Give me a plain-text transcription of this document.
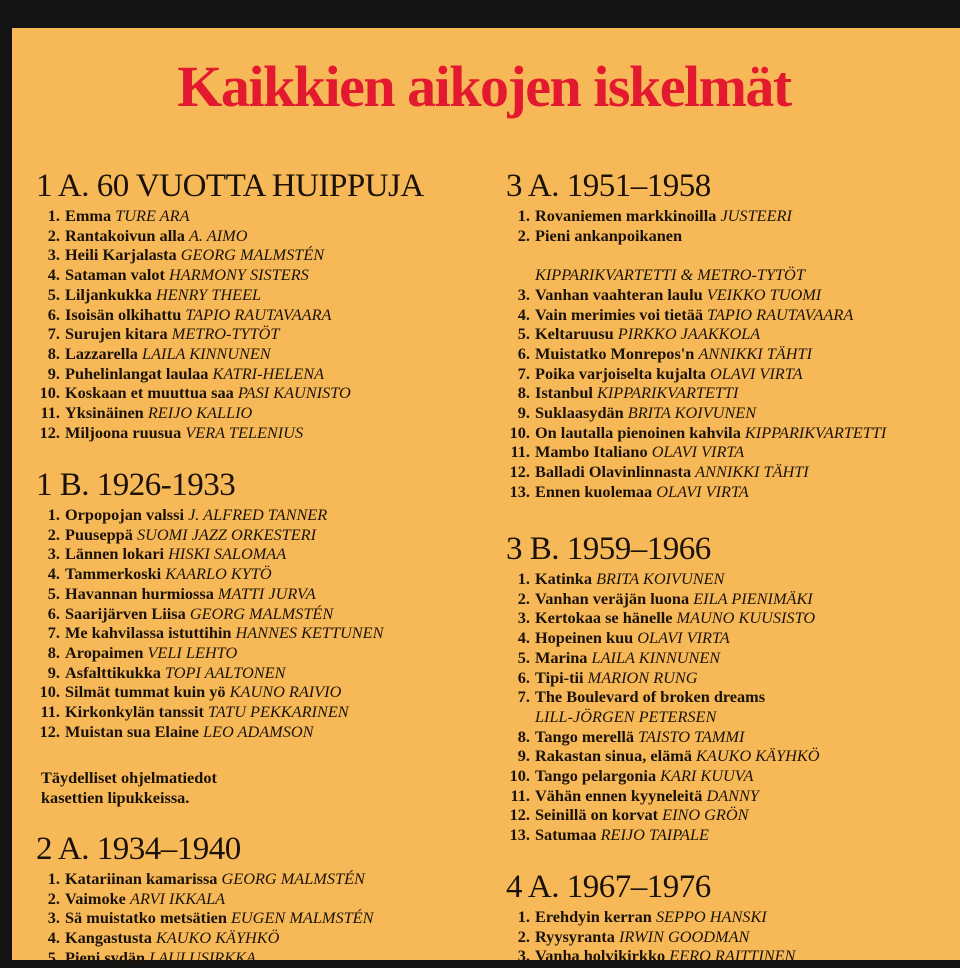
Kaikkien aikojen iskelmät
1 A. 60 VUOTTA HUIPPUJA
1. Emma TURE ARA
2. Rantakoivun alla A. AIMO
3. Heili Karjalasta GEORG MALMSTÉN
4. Sataman valot HARMONY SISTERS
5. Liljankukka HENRY THEEL
6. Isoisän olkihattu TAPIO RAUTAVAARA
7. Surujen kitara METRO-TYTÖT
8. Lazzarella LAILA KINNUNEN
9. Puhelinlangat laulaa KATRI-HELENA
10. Koskaan et muuttua saa PASI KAUNISTO
11. Yksinäinen REIJO KALLIO
12. Miljoona ruusua VERA TELENIUS
1 B. 1926-1933
1. Orpopojan valssi J. ALFRED TANNER
2. Puuseppä SUOMI JAZZ ORKESTERI
3. Lännen lokari HISKI SALOMAA
4. Tammerkoski KAARLO KYTÖ
5. Havannan hurmiossa MATTI JURVA
6. Saarijärven Liisa GEORG MALMSTÉN
7. Me kahvilassa istuttihin HANNES KETTUNEN
8. Aropaimen VELI LEHTO
9. Asfalttikukka TOPI AALTONEN
10. Silmät tummat kuin yö KAUNO RAIVIO
11. Kirkonkylän tanssit TATU PEKKARINEN
12. Muistan sua Elaine LEO ADAMSON
Täydelliset ohjelmatiedot
kasettien lipukkeissa.
2 A. 1934–1940
1. Katariinan kamarissa GEORG MALMSTÉN
2. Vaimoke ARVI IKKALA
3. Sä muistatko metsätien EUGEN MALMSTÉN
4. Kangastusta KAUKO KÄYHKÖ
5. Pieni sydän LAULUSIRKKA
3 A. 1951–1958
1. Rovaniemen markkinoilla JUSTEERI
2. Pieni ankanpoikanen
KIPPARIKVARTETTI & METRO-TYTÖT
3. Vanhan vaahteran laulu VEIKKO TUOMI
4. Vain merimies voi tietää TAPIO RAUTAVAARA
5. Keltaruusu PIRKKO JAAKKOLA
6. Muistatko Monrepos'n ANNIKKI TÄHTI
7. Poika varjoiselta kujalta OLAVI VIRTA
8. Istanbul KIPPARIKVARTETTI
9. Suklaasydän BRITA KOIVUNEN
10. On lautalla pienoinen kahvila KIPPARIKVARTETTI
11. Mambo Italiano OLAVI VIRTA
12. Balladi Olavinlinnasta ANNIKKI TÄHTI
13. Ennen kuolemaa OLAVI VIRTA
3 B. 1959–1966
1. Katinka BRITA KOIVUNEN
2. Vanhan veräjän luona EILA PIENIMÄKI
3. Kertokaa se hänelle MAUNO KUUSISTO
4. Hopeinen kuu OLAVI VIRTA
5. Marina LAILA KINNUNEN
6. Tipi-tii MARION RUNG
7. The Boulevard of broken dreams
LILL-JÖRGEN PETERSEN
8. Tango merellä TAISTO TAMMI
9. Rakastan sinua, elämä KAUKO KÄYHKÖ
10. Tango pelargonia KARI KUUVA
11. Vähän ennen kyyneleitä DANNY
12. Seinillä on korvat EINO GRÖN
13. Satumaa REIJO TAIPALE
4 A. 1967–1976
1. Erehdyin kerran SEPPO HANSKI
2. Ryysyranta IRWIN GOODMAN
3. Vanha holvikirkko EERO RAITTINEN
